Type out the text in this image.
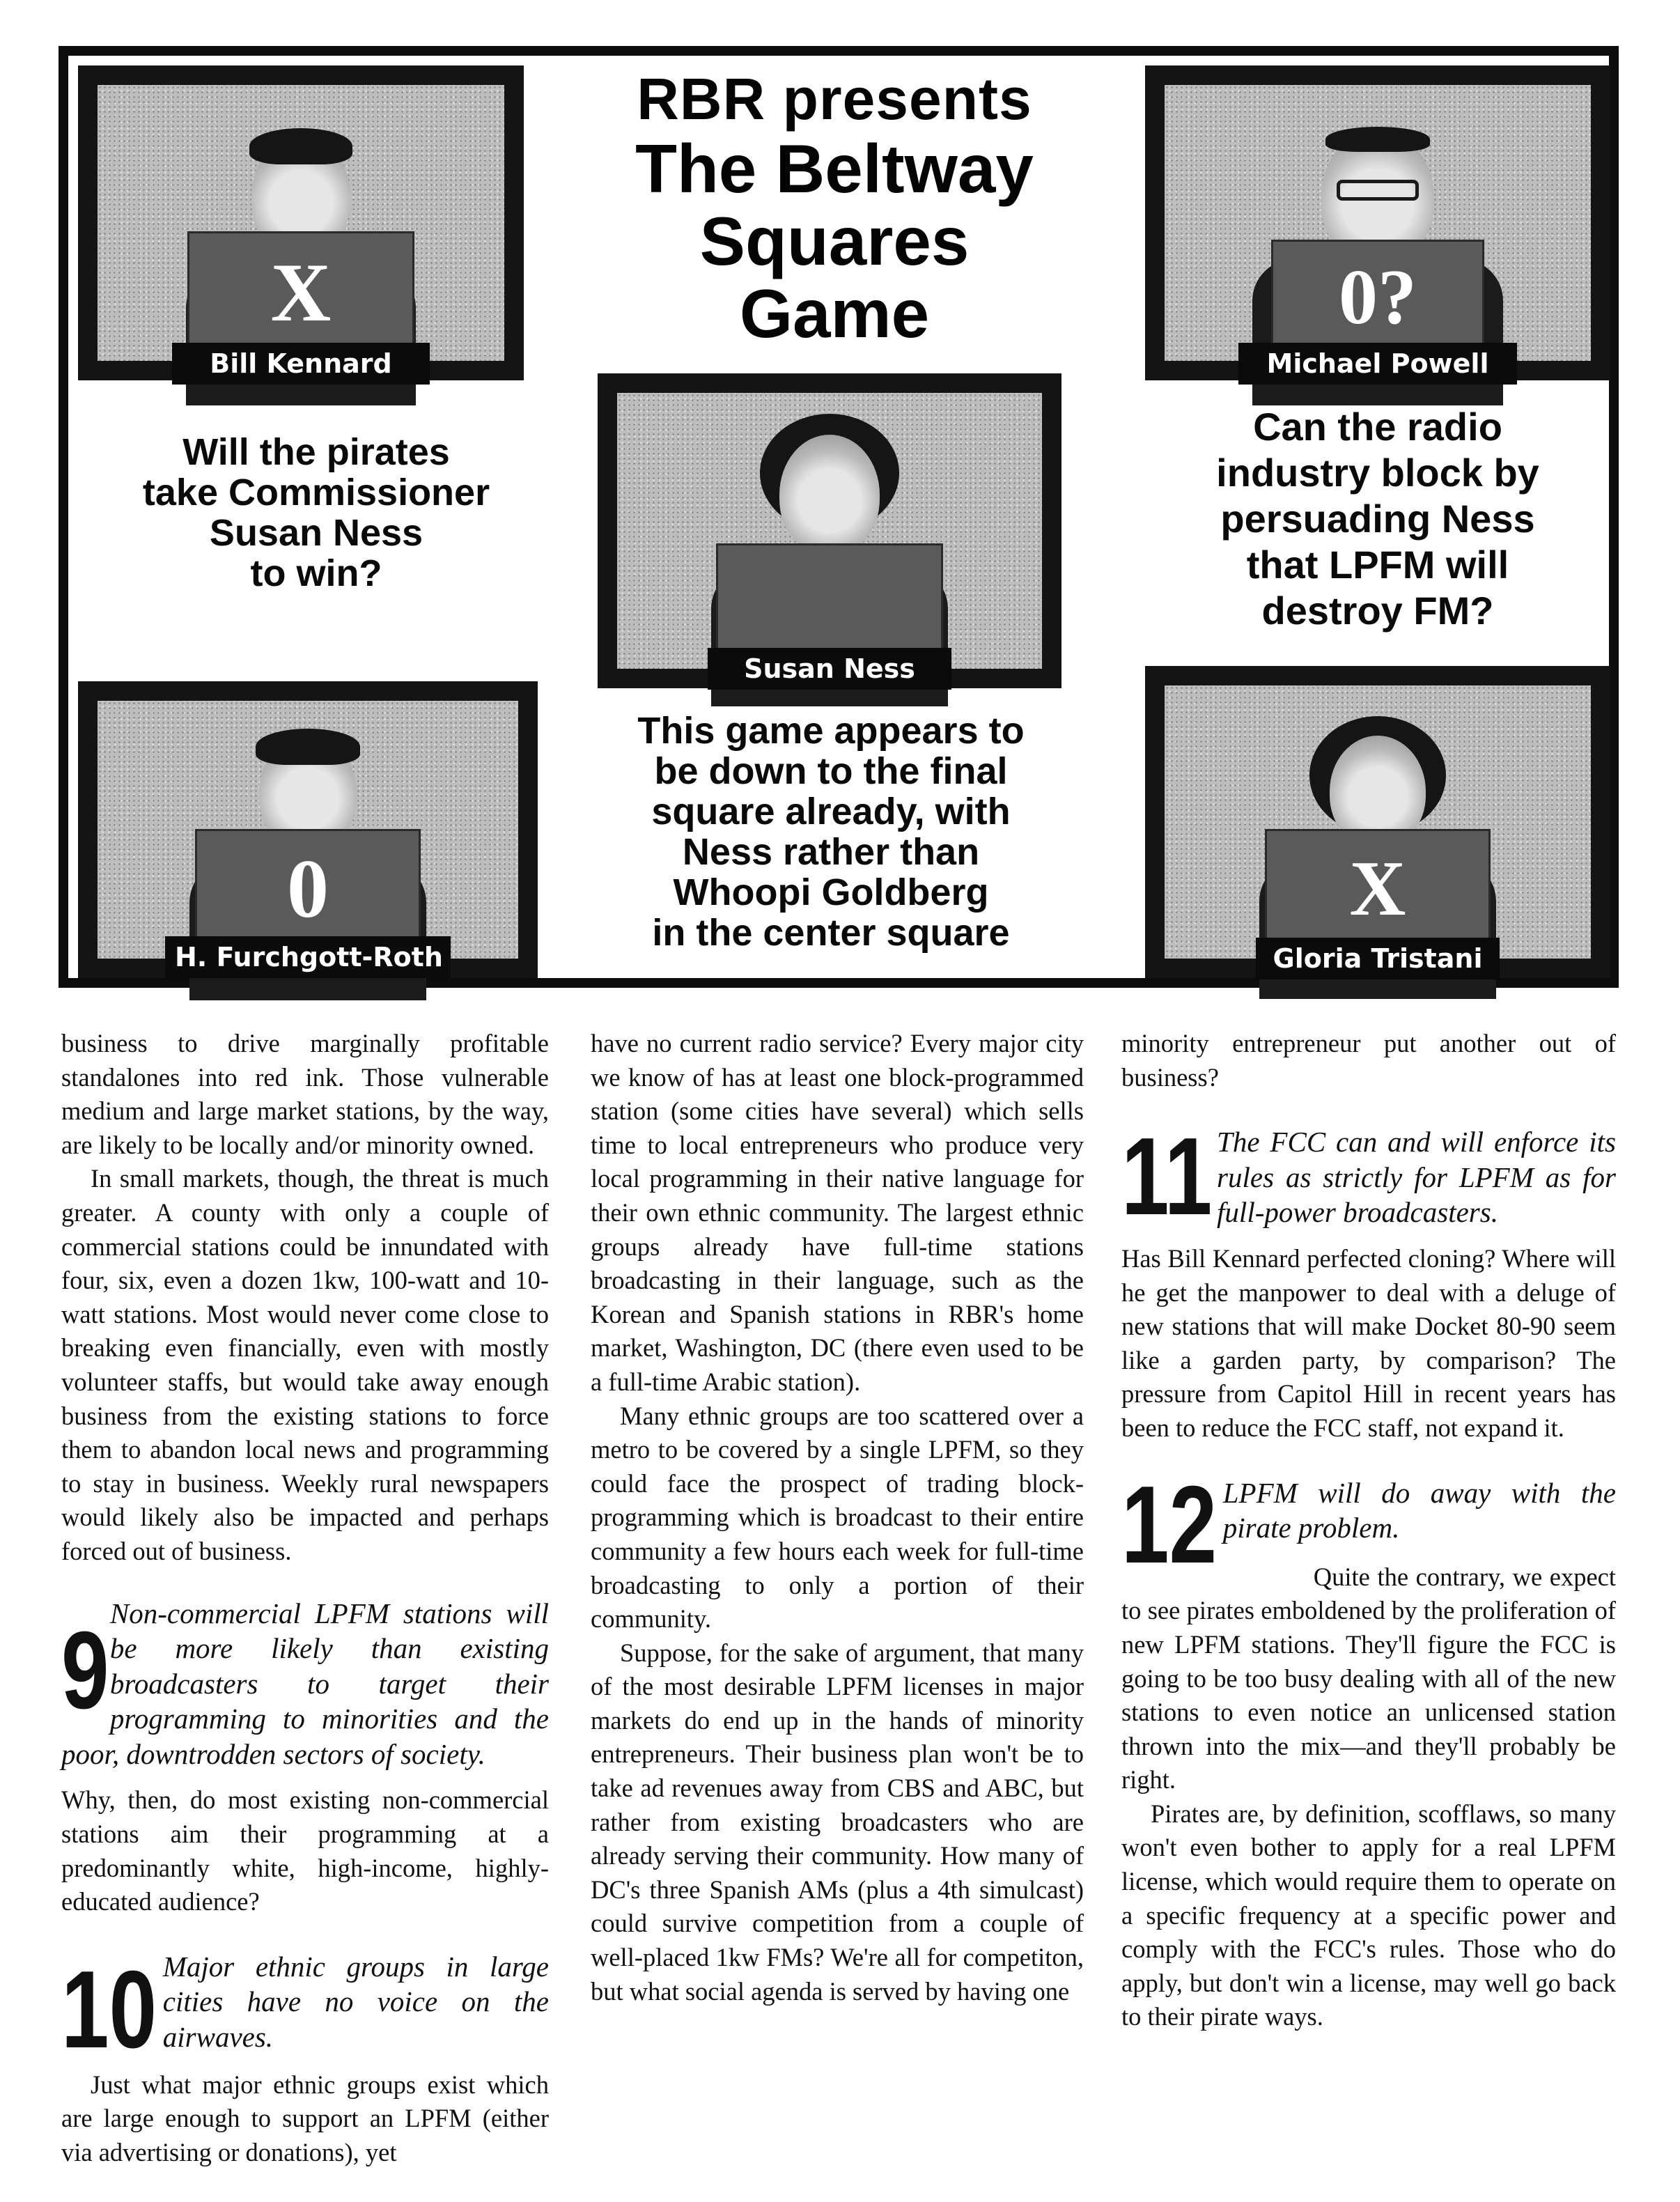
RBR presents
The Beltway
Squares
Game
X
Bill Kennard
0?
Michael Powell
Susan Ness
0
H. Furchgott-Roth
X
Gloria Tristani
Will the pirates
take Commissioner
Susan Ness
to win?
Can the radio
industry block by
persuading Ness
that LPFM will
destroy FM?
This game appears to
be down to the final
square already, with
Ness rather than
Whoopi Goldberg
in the center square

business to drive marginally profitable standalones into red ink. Those vulnerable medium and large market stations, by the way, are likely to be locally and/or minority owned.

In small markets, though, the threat is much greater. A county with only a couple of commercial stations could be innundated with four, six, even a dozen 1kw, 100-watt and 10-watt stations. Most would never come close to breaking even financially, even with mostly volunteer staffs, but would take away enough business from the existing stations to force them to abandon local news and programming to stay in business. Weekly rural newspapers would likely also be impacted and perhaps forced out of business.

9 Non-commercial LPFM stations will be more likely than existing broadcasters to target their programming to minorities and the poor, downtrodden sectors of society.

Why, then, do most existing non-commercial stations aim their programming at a predominantly white, high-income, highly-educated audience?

10 Major ethnic groups in large cities have no voice on the airwaves.

Just what major ethnic groups exist which are large enough to support an LPFM (either via advertising or donations), yet

have no current radio service? Every major city we know of has at least one block-programmed station (some cities have several) which sells time to local entrepreneurs who produce very local programming in their native language for their own ethnic community. The largest ethnic groups already have full-time stations broadcasting in their language, such as the Korean and Spanish stations in RBR's home market, Washington, DC (there even used to be a full-time Arabic station).

Many ethnic groups are too scattered over a metro to be covered by a single LPFM, so they could face the prospect of trading block-programming which is broadcast to their entire community a few hours each week for full-time broadcasting to only a portion of their community.

Suppose, for the sake of argument, that many of the most desirable LPFM licenses in major markets do end up in the hands of minority entrepreneurs. Their business plan won't be to take ad revenues away from CBS and ABC, but rather from existing broadcasters who are already serving their community. How many of DC's three Spanish AMs (plus a 4th simulcast) could survive competition from a couple of well-placed 1kw FMs? We're all for competiton, but what social agenda is served by having one

minority entrepreneur put another out of business?

11 The FCC can and will enforce its rules as strictly for LPFM as for full-power broadcasters.

Has Bill Kennard perfected cloning? Where will he get the manpower to deal with a deluge of new stations that will make Docket 80-90 seem like a garden party, by comparison? The pressure from Capitol Hill in recent years has been to reduce the FCC staff, not expand it.

12 LPFM will do away with the pirate problem.

Quite the contrary, we expect to see pirates emboldened by the proliferation of new LPFM stations. They'll figure the FCC is going to be too busy dealing with all of the new stations to even notice an unlicensed station thrown into the mix—and they'll probably be right.

Pirates are, by definition, scofflaws, so many won't even bother to apply for a real LPFM license, which would require them to operate on a specific frequency at a specific power and comply with the FCC's rules. Those who do apply, but don't win a license, may well go back to their pirate ways.
